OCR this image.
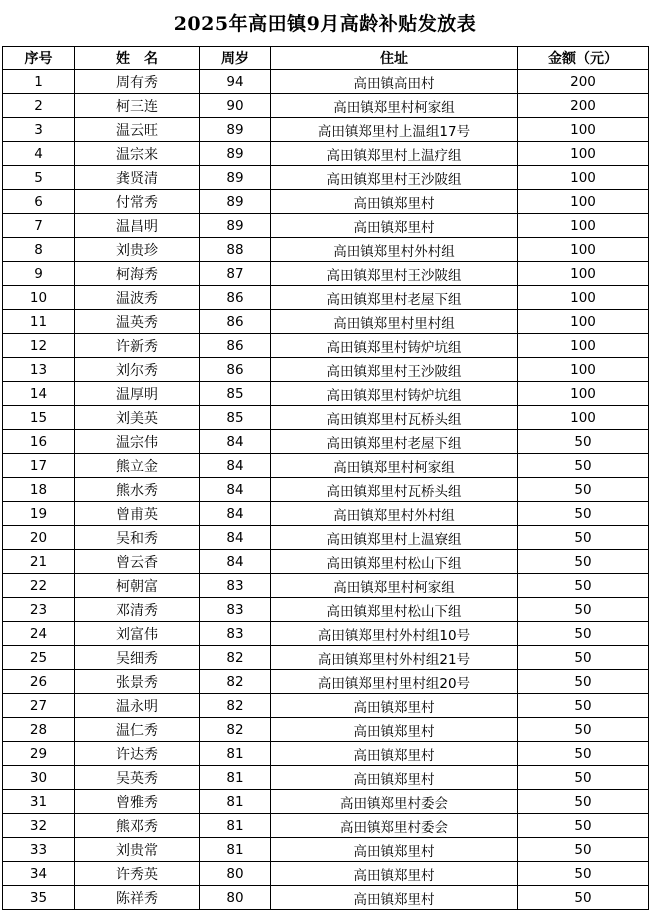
2025年高田镇9月高龄补贴发放表
序号	姓　名	周岁	住址	金额（元）
1	周有秀	94	高田镇高田村	200
2	柯三连	90	高田镇郑里村柯家组	200
3	温云旺	89	高田镇郑里村上温组17号	100
4	温宗来	89	高田镇郑里村上温疗组	100
5	龚贤清	89	高田镇郑里村王沙陂组	100
6	付常秀	89	高田镇郑里村	100
7	温昌明	89	高田镇郑里村	100
8	刘贵珍	88	高田镇郑里村外村组	100
9	柯海秀	87	高田镇郑里村王沙陂组	100
10	温波秀	86	高田镇郑里村老屋下组	100
11	温英秀	86	高田镇郑里村里村组	100
12	许新秀	86	高田镇郑里村铸炉坑组	100
13	刘尔秀	86	高田镇郑里村王沙陂组	100
14	温厚明	85	高田镇郑里村铸炉坑组	100
15	刘美英	85	高田镇郑里村瓦桥头组	100
16	温宗伟	84	高田镇郑里村老屋下组	50
17	熊立金	84	高田镇郑里村柯家组	50
18	熊水秀	84	高田镇郑里村瓦桥头组	50
19	曾甫英	84	高田镇郑里村外村组	50
20	吴和秀	84	高田镇郑里村上温寮组	50
21	曾云香	84	高田镇郑里村松山下组	50
22	柯朝富	83	高田镇郑里村柯家组	50
23	邓清秀	83	高田镇郑里村松山下组	50
24	刘富伟	83	高田镇郑里村外村组10号	50
25	吴细秀	82	高田镇郑里村外村组21号	50
26	张景秀	82	高田镇郑里村里村组20号	50
27	温永明	82	高田镇郑里村	50
28	温仁秀	82	高田镇郑里村	50
29	许达秀	81	高田镇郑里村	50
30	吴英秀	81	高田镇郑里村	50
31	曾雅秀	81	高田镇郑里村委会	50
32	熊邓秀	81	高田镇郑里村委会	50
33	刘贵常	81	高田镇郑里村	50
34	许秀英	80	高田镇郑里村	50
35	陈祥秀	80	高田镇郑里村	50
